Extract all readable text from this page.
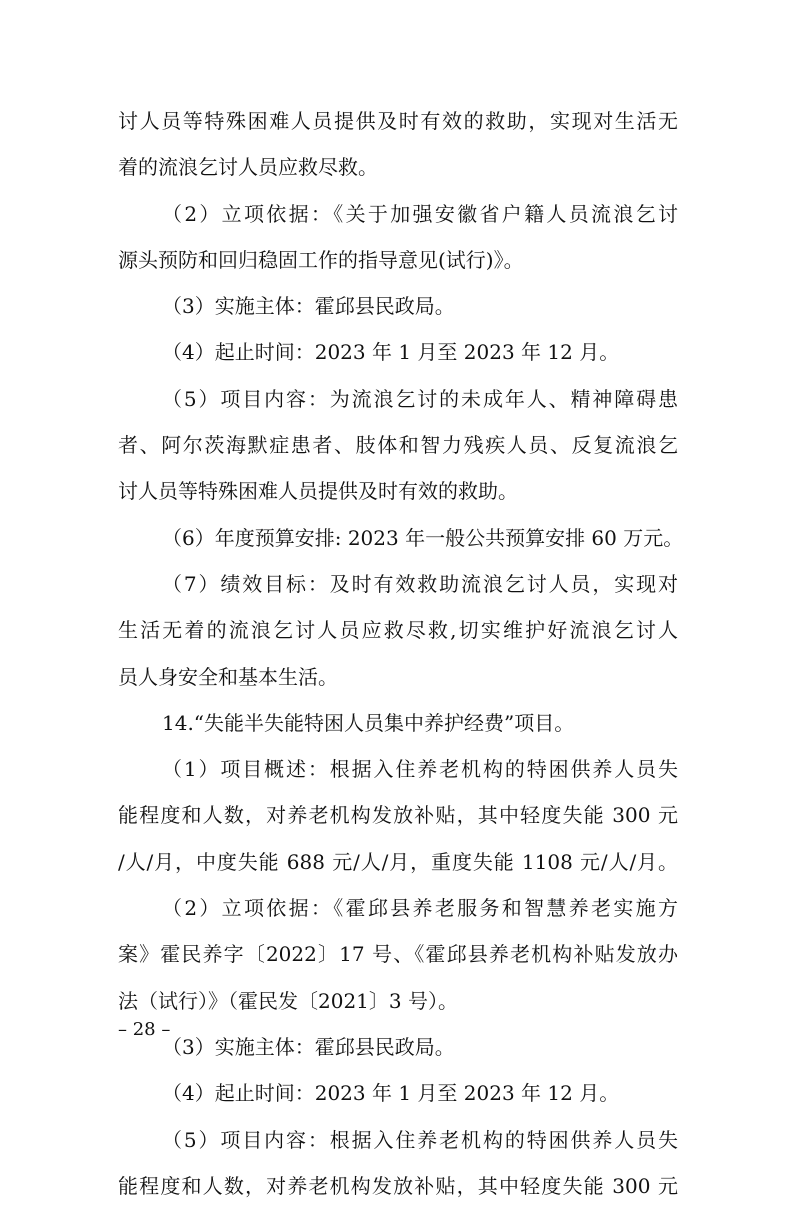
讨人员等特殊困难人员提供及时有效的救助，实现对生活无
着的流浪乞讨人员应救尽救。
（2）立项依据：《关于加强安徽省户籍人员流浪乞讨
源头预防和回归稳固工作的指导意见(试行)》。
（3）实施主体：霍邱县民政局。
（4）起止时间：2023 年 1 月至 2023 年 12 月。
（5）项目内容：为流浪乞讨的未成年人、精神障碍患
者、阿尔茨海默症患者、肢体和智力残疾人员、反复流浪乞
讨人员等特殊困难人员提供及时有效的救助。
（6）年度预算安排: 2023 年一般公共预算安排 60 万元。
（7）绩效目标：及时有效救助流浪乞讨人员，实现对
生活无着的流浪乞讨人员应救尽救,切实维护好流浪乞讨人
员人身安全和基本生活。
14.“失能半失能特困人员集中养护经费”项目。
（1）项目概述：根据入住养老机构的特困供养人员失
能程度和人数，对养老机构发放补贴，其中轻度失能 300 元
/人/月，中度失能 688 元/人/月，重度失能 1108 元/人/月。
（2）立项依据：《霍邱县养老服务和智慧养老实施方
案》霍民养字〔2022〕17 号、《霍邱县养老机构补贴发放办
法（试行）》（霍民发〔2021〕3 号）。
（3）实施主体：霍邱县民政局。
（4）起止时间：2023 年 1 月至 2023 年 12 月。
（5）项目内容：根据入住养老机构的特困供养人员失
能程度和人数，对养老机构发放补贴，其中轻度失能 300 元
– 28 –
